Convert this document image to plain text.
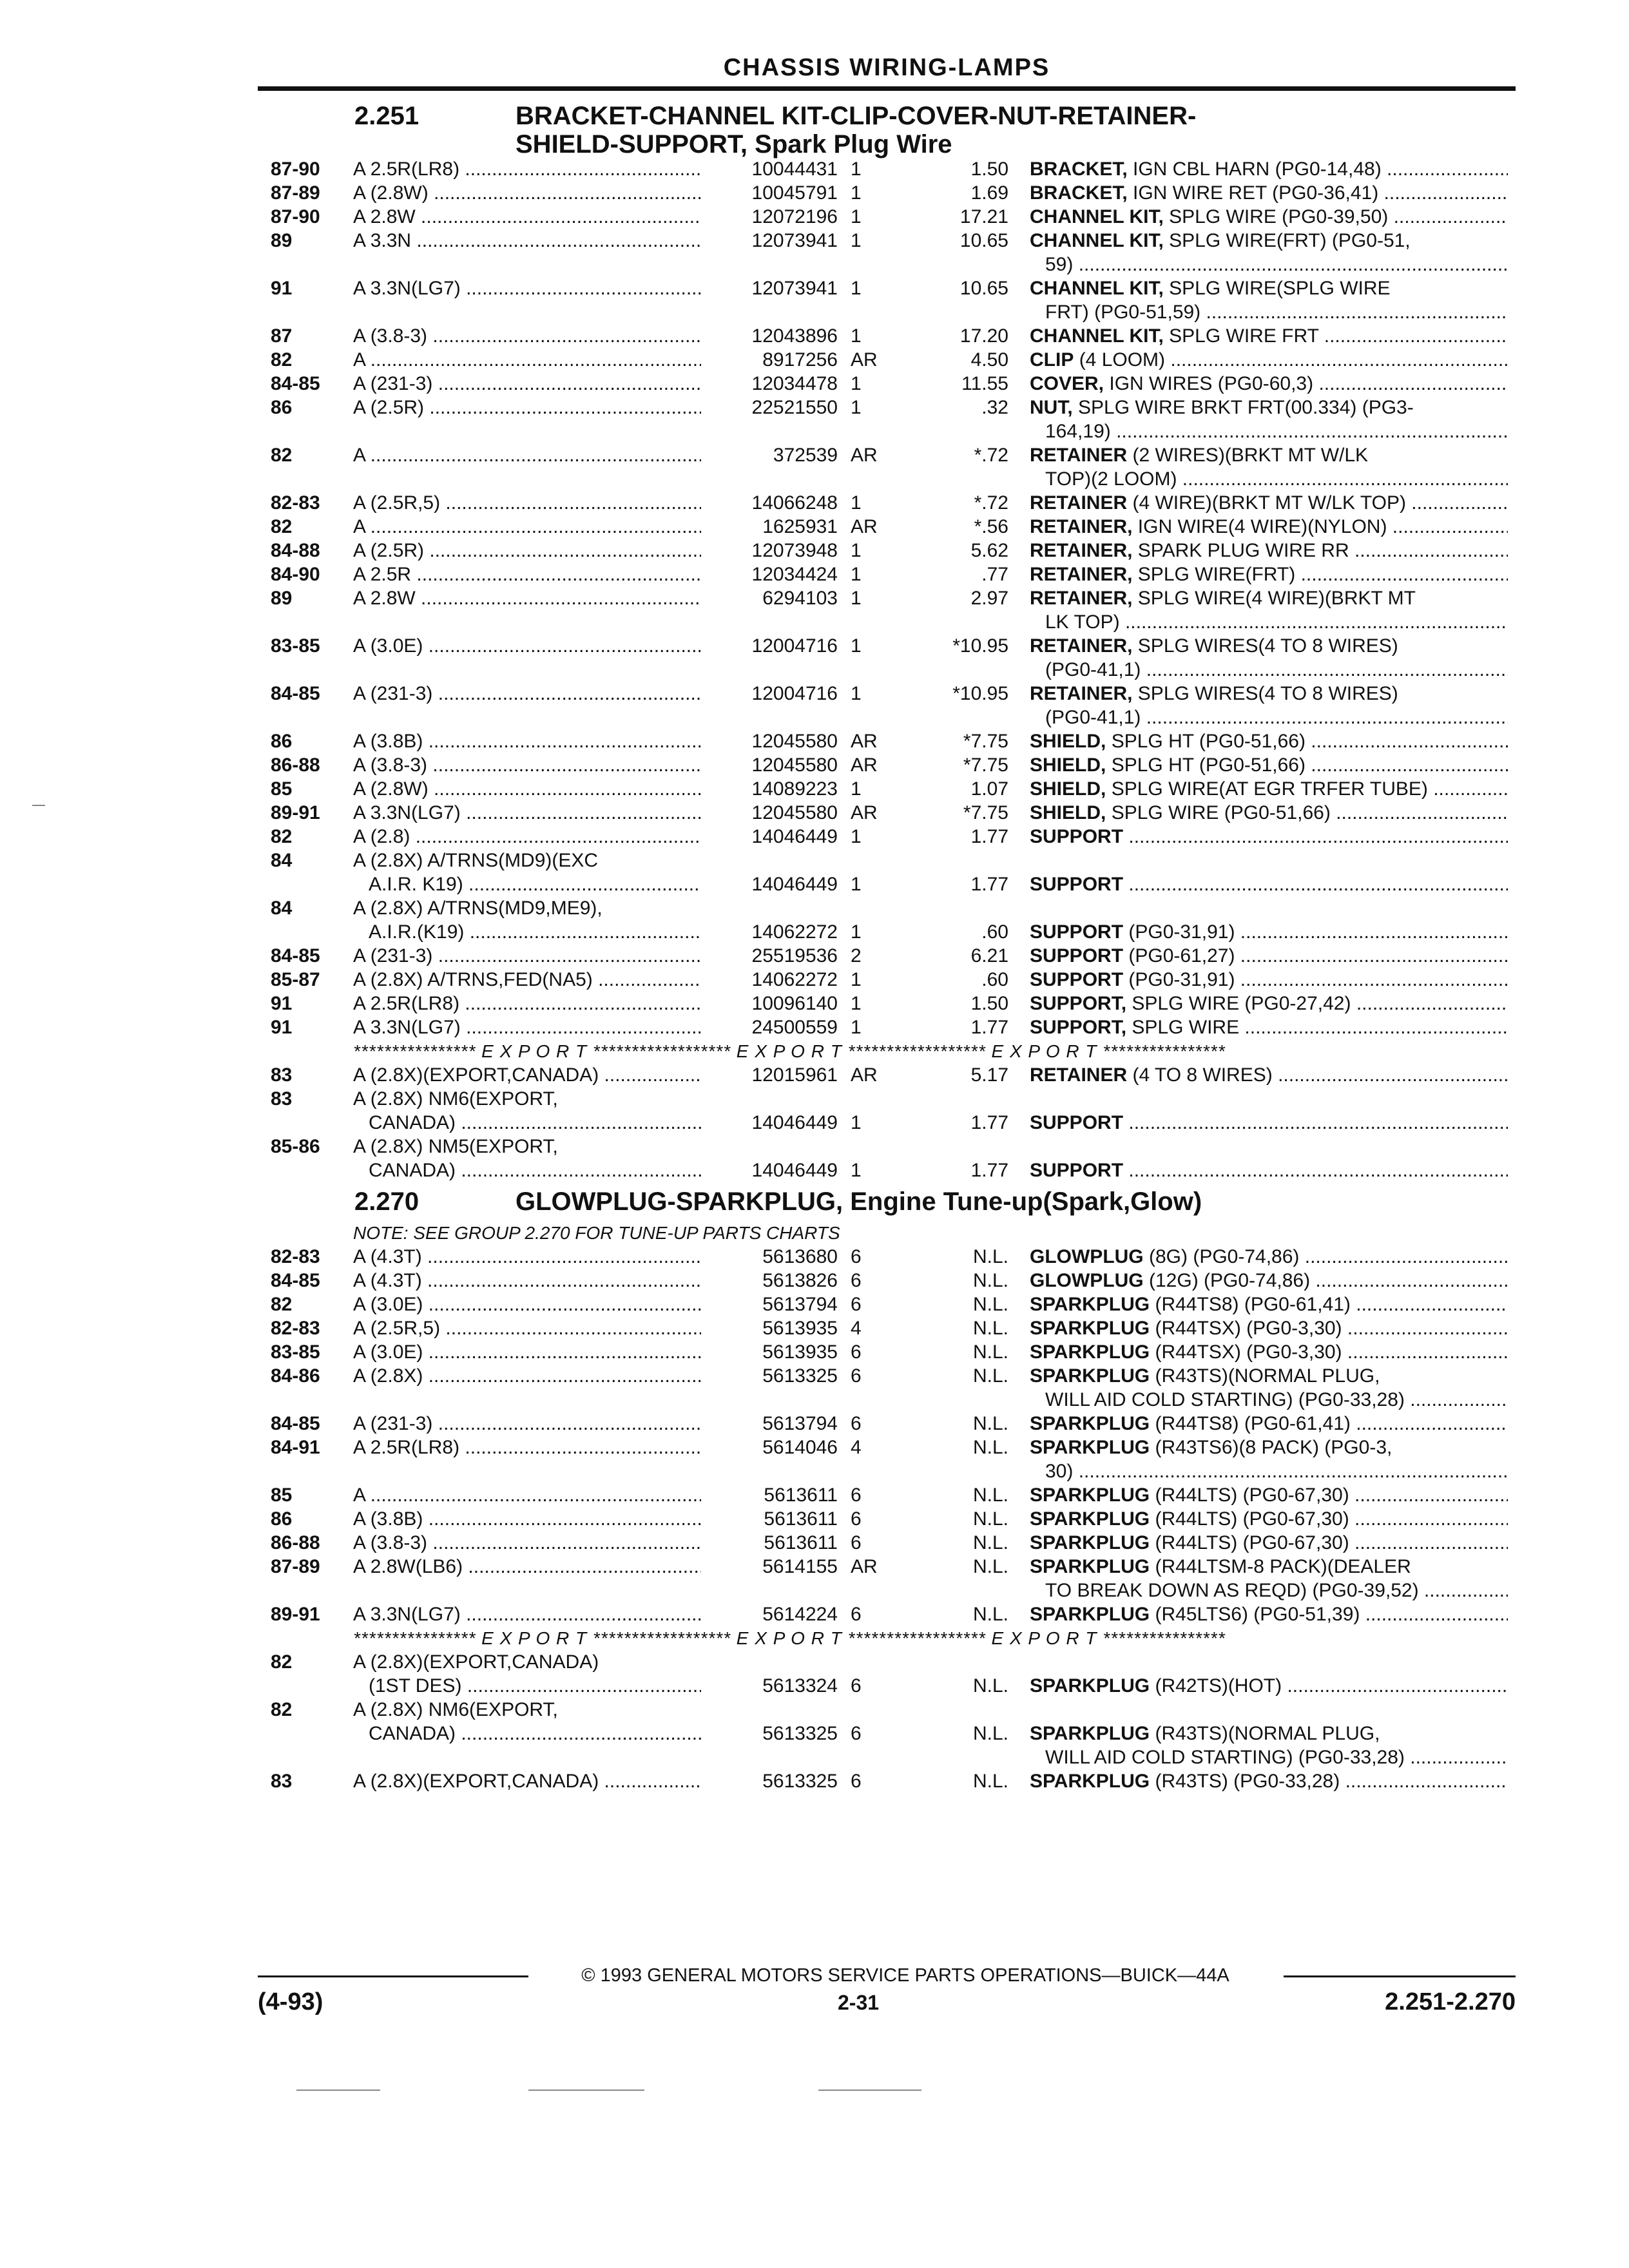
CHASSIS WIRING-LAMPS
2.251	BRACKET-CHANNEL KIT-CLIP-COVER-NUT-RETAINER-
SHIELD-SUPPORT, Spark Plug Wire
87-90 A 2.5R(LR8) .....	10044431 1	1.50 BRACKET, IGN CBL HARN (PG0-14,48) .....
87-89 A (2.8W) .....	10045791 1	1.69 BRACKET, IGN WIRE RET (PG0-36,41) .....
87-90 A 2.8W .....	12072196 1	17.21 CHANNEL KIT, SPLG WIRE (PG0-39,50) .....
89	A 3.3N .....	12073941 1	10.65 CHANNEL KIT, SPLG WIRE(FRT) (PG0-51,
59) .....
91	A 3.3N(LG7) .....	12073941 1	10.65 CHANNEL KIT, SPLG WIRE(SPLG WIRE
FRT) (PG0-51,59) .....
87	A (3.8-3) .....	12043896 1	17.20 CHANNEL KIT, SPLG WIRE FRT .....
82	A .....	8917256 AR	4.50 CLIP (4 LOOM) .....
84-85 A (231-3) .....	12034478 1	11.55 COVER, IGN WIRES (PG0-60,3) .....
86	A (2.5R) .....	22521550 1	.32 NUT, SPLG WIRE BRKT FRT(00.334) (PG3-
164,19) .....
82	A .....	372539 AR	*.72 RETAINER (2 WIRES)(BRKT MT W/LK
TOP)(2 LOOM) .....
82-83 A (2.5R,5) .....	14066248 1	*.72 RETAINER (4 WIRE)(BRKT MT W/LK TOP) .....
82	A .....	1625931 AR	*.56 RETAINER, IGN WIRE(4 WIRE)(NYLON) .....
84-88 A (2.5R) .....	12073948 1	5.62 RETAINER, SPARK PLUG WIRE RR .....
84-90 A 2.5R .....	12034424 1	.77 RETAINER, SPLG WIRE(FRT) .....
89	A 2.8W .....	6294103 1	2.97 RETAINER, SPLG WIRE(4 WIRE)(BRKT MT
LK TOP) .....
83-85 A (3.0E) .....	12004716 1	*10.95 RETAINER, SPLG WIRES(4 TO 8 WIRES)
(PG0-41,1) .....
84-85 A (231-3) .....	12004716 1	*10.95 RETAINER, SPLG WIRES(4 TO 8 WIRES)
(PG0-41,1) .....
86	A (3.8B) .....	12045580 AR	*7.75 SHIELD, SPLG HT (PG0-51,66) .....
86-88 A (3.8-3) .....	12045580 AR	*7.75 SHIELD, SPLG HT (PG0-51,66) .....
85	A (2.8W) .....	14089223 1	1.07 SHIELD, SPLG WIRE(AT EGR TRFER TUBE) .....
89-91 A 3.3N(LG7) .....	12045580 AR	*7.75 SHIELD, SPLG WIRE (PG0-51,66) .....
82	A (2.8) .....	14046449 1	1.77 SUPPORT .....
84	A (2.8X) A/TRNS(MD9)(EXC
A.I.R. K19) .....	14046449 1	1.77 SUPPORT .....
84	A (2.8X) A/TRNS(MD9,ME9),
A.I.R.(K19) .....	14062272 1	.60 SUPPORT (PG0-31,91) .....
84-85 A (231-3) .....	25519536 2	6.21 SUPPORT (PG0-61,27) .....
85-87 A (2.8X) A/TRNS,FED(NA5) .....	14062272 1	.60 SUPPORT (PG0-31,91) .....
91	A 2.5R(LR8) .....	10096140 1	1.50 SUPPORT, SPLG WIRE (PG0-27,42) .....
91	A 3.3N(LG7) .....	24500559 1	1.77 SUPPORT, SPLG WIRE .....
**************** E X P O R T ****************** E X P O R T ****************** E X P O R T ****************
83	A (2.8X)(EXPORT,CANADA) .....	12015961 AR	5.17 RETAINER (4 TO 8 WIRES) .....
83	A (2.8X) NM6(EXPORT,
CANADA) .....	14046449 1	1.77 SUPPORT .....
85-86 A (2.8X) NM5(EXPORT,
CANADA) .....	14046449 1	1.77 SUPPORT .....
2.270	GLOWPLUG-SPARKPLUG, Engine Tune-up(Spark,Glow)
NOTE: SEE GROUP 2.270 FOR TUNE-UP PARTS CHARTS
82-83 A (4.3T) .....	5613680 6	N.L. GLOWPLUG (8G) (PG0-74,86) .....
84-85 A (4.3T) .....	5613826 6	N.L. GLOWPLUG (12G) (PG0-74,86) .....
82	A (3.0E) .....	5613794 6	N.L. SPARKPLUG (R44TS8) (PG0-61,41) .....
82-83 A (2.5R,5) .....	5613935 4	N.L. SPARKPLUG (R44TSX) (PG0-3,30) .....
83-85 A (3.0E) .....	5613935 6	N.L. SPARKPLUG (R44TSX) (PG0-3,30) .....
84-86 A (2.8X) .....	5613325 6	N.L. SPARKPLUG (R43TS)(NORMAL PLUG,
WILL AID COLD STARTING) (PG0-33,28) .....
84-85 A (231-3) .....	5613794 6	N.L. SPARKPLUG (R44TS8) (PG0-61,41) .....
84-91 A 2.5R(LR8) .....	5614046 4	N.L. SPARKPLUG (R43TS6)(8 PACK) (PG0-3,
30) .....
85	A .....	5613611 6	N.L. SPARKPLUG (R44LTS) (PG0-67,30) .....
86	A (3.8B) .....	5613611 6	N.L. SPARKPLUG (R44LTS) (PG0-67,30) .....
86-88 A (3.8-3) .....	5613611 6	N.L. SPARKPLUG (R44LTS) (PG0-67,30) .....
87-89 A 2.8W(LB6) .....	5614155 AR	N.L. SPARKPLUG (R44LTSM-8 PACK)(DEALER
TO BREAK DOWN AS REQD) (PG0-39,52) .....
89-91 A 3.3N(LG7) .....	5614224 6	N.L. SPARKPLUG (R45LTS6) (PG0-51,39) .....
**************** E X P O R T ****************** E X P O R T ****************** E X P O R T ****************
82	A (2.8X)(EXPORT,CANADA)
(1ST DES) .....	5613324 6	N.L. SPARKPLUG (R42TS)(HOT) .....
82	A (2.8X) NM6(EXPORT,
CANADA) .....	5613325 6	N.L. SPARKPLUG (R43TS)(NORMAL PLUG,
WILL AID COLD STARTING) (PG0-33,28) .....
83	A (2.8X)(EXPORT,CANADA) .....	5613325 6	N.L. SPARKPLUG (R43TS) (PG0-33,28) .....
© 1993 GENERAL MOTORS SERVICE PARTS OPERATIONS—BUICK—44A
(4-93)	2-31	2.251-2.270
